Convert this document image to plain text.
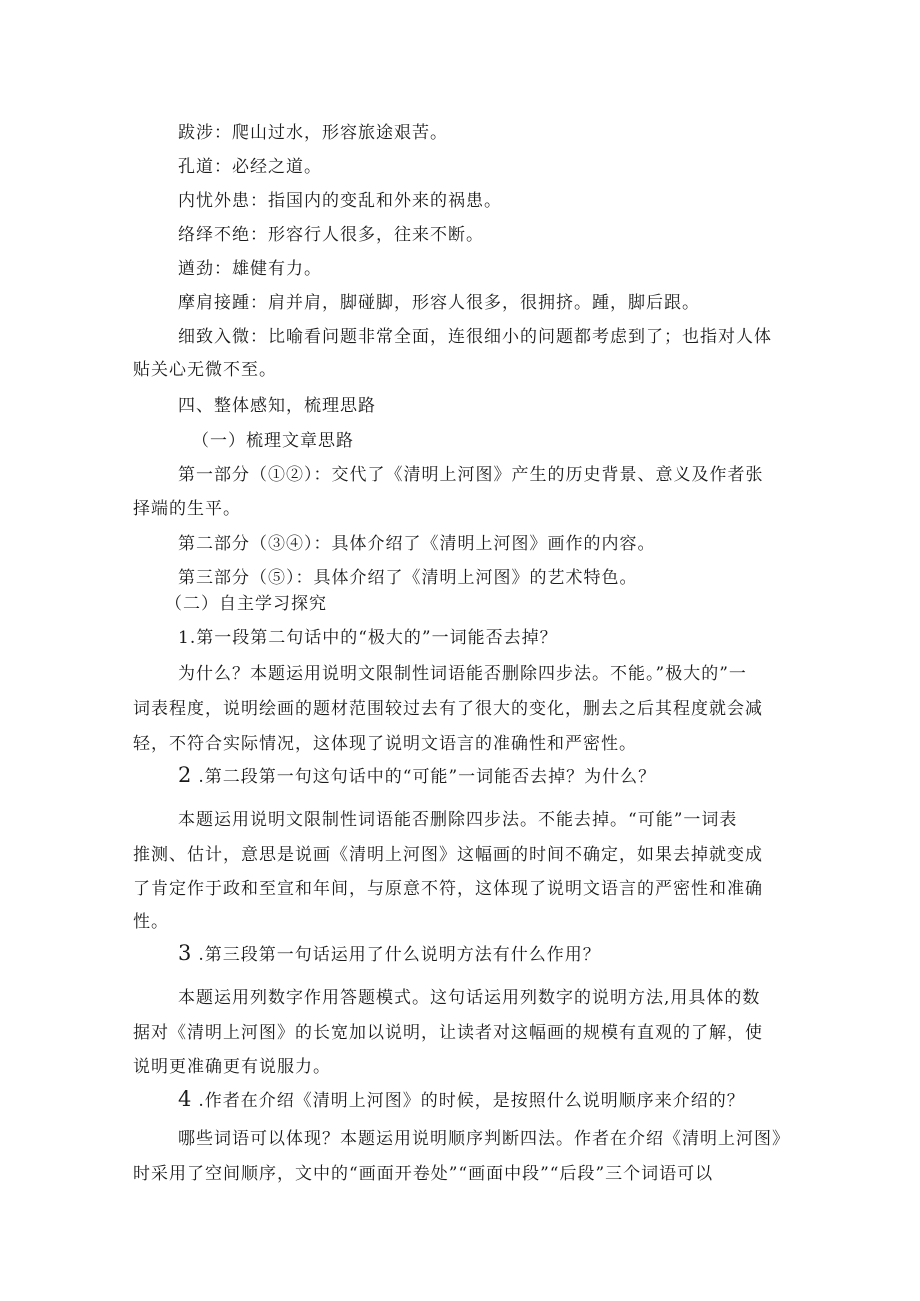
跋涉：爬山过水，形容旅途艰苦。
孔道：必经之道。
内忧外患：指国内的变乱和外来的祸患。
络绎不绝：形容行人很多，往来不断。
遒劲：雄健有力。
摩肩接踵：肩并肩，脚碰脚，形容人很多，很拥挤。踵，脚后跟。
细致入微：比喻看问题非常全面，连很细小的问题都考虑到了；也指对人体
贴关心无微不至。
四、整体感知，梳理思路
（一）梳理文章思路
第一部分（①②）：交代了《清明上河图》产生的历史背景、意义及作者张
择端的生平。
第二部分（③④）：具体介绍了《清明上河图》画作的内容。
第三部分（⑤）：具体介绍了《清明上河图》的艺术特色。
（二）自主学习探究
1.第一段第二句话中的“极大的”一词能否去掉？
为什么？本题运用说明文限制性词语能否删除四步法。不能。”极大的”一
词表程度，说明绘画的题材范围较过去有了很大的变化，删去之后其程度就会减
轻，不符合实际情况，这体现了说明文语言的准确性和严密性。
2 .第二段第一句这句话中的“可能”一词能否去掉？为什么？
本题运用说明文限制性词语能否删除四步法。不能去掉。“可能”一词表
推测、估计，意思是说画《清明上河图》这幅画的时间不确定，如果去掉就变成
了肯定作于政和至宣和年间，与原意不符，这体现了说明文语言的严密性和准确
性。
3 .第三段第一句话运用了什么说明方法有什么作用？
本题运用列数字作用答题模式。这句话运用列数字的说明方法,用具体的数
据对《清明上河图》的长宽加以说明，让读者对这幅画的规模有直观的了解，使
说明更准确更有说服力。
4 .作者在介绍《清明上河图》的时候，是按照什么说明顺序来介绍的？
哪些词语可以体现？本题运用说明顺序判断四法。作者在介绍《清明上河图》
时采用了空间顺序，文中的“画面开卷处”“画面中段”“后段”三个词语可以
